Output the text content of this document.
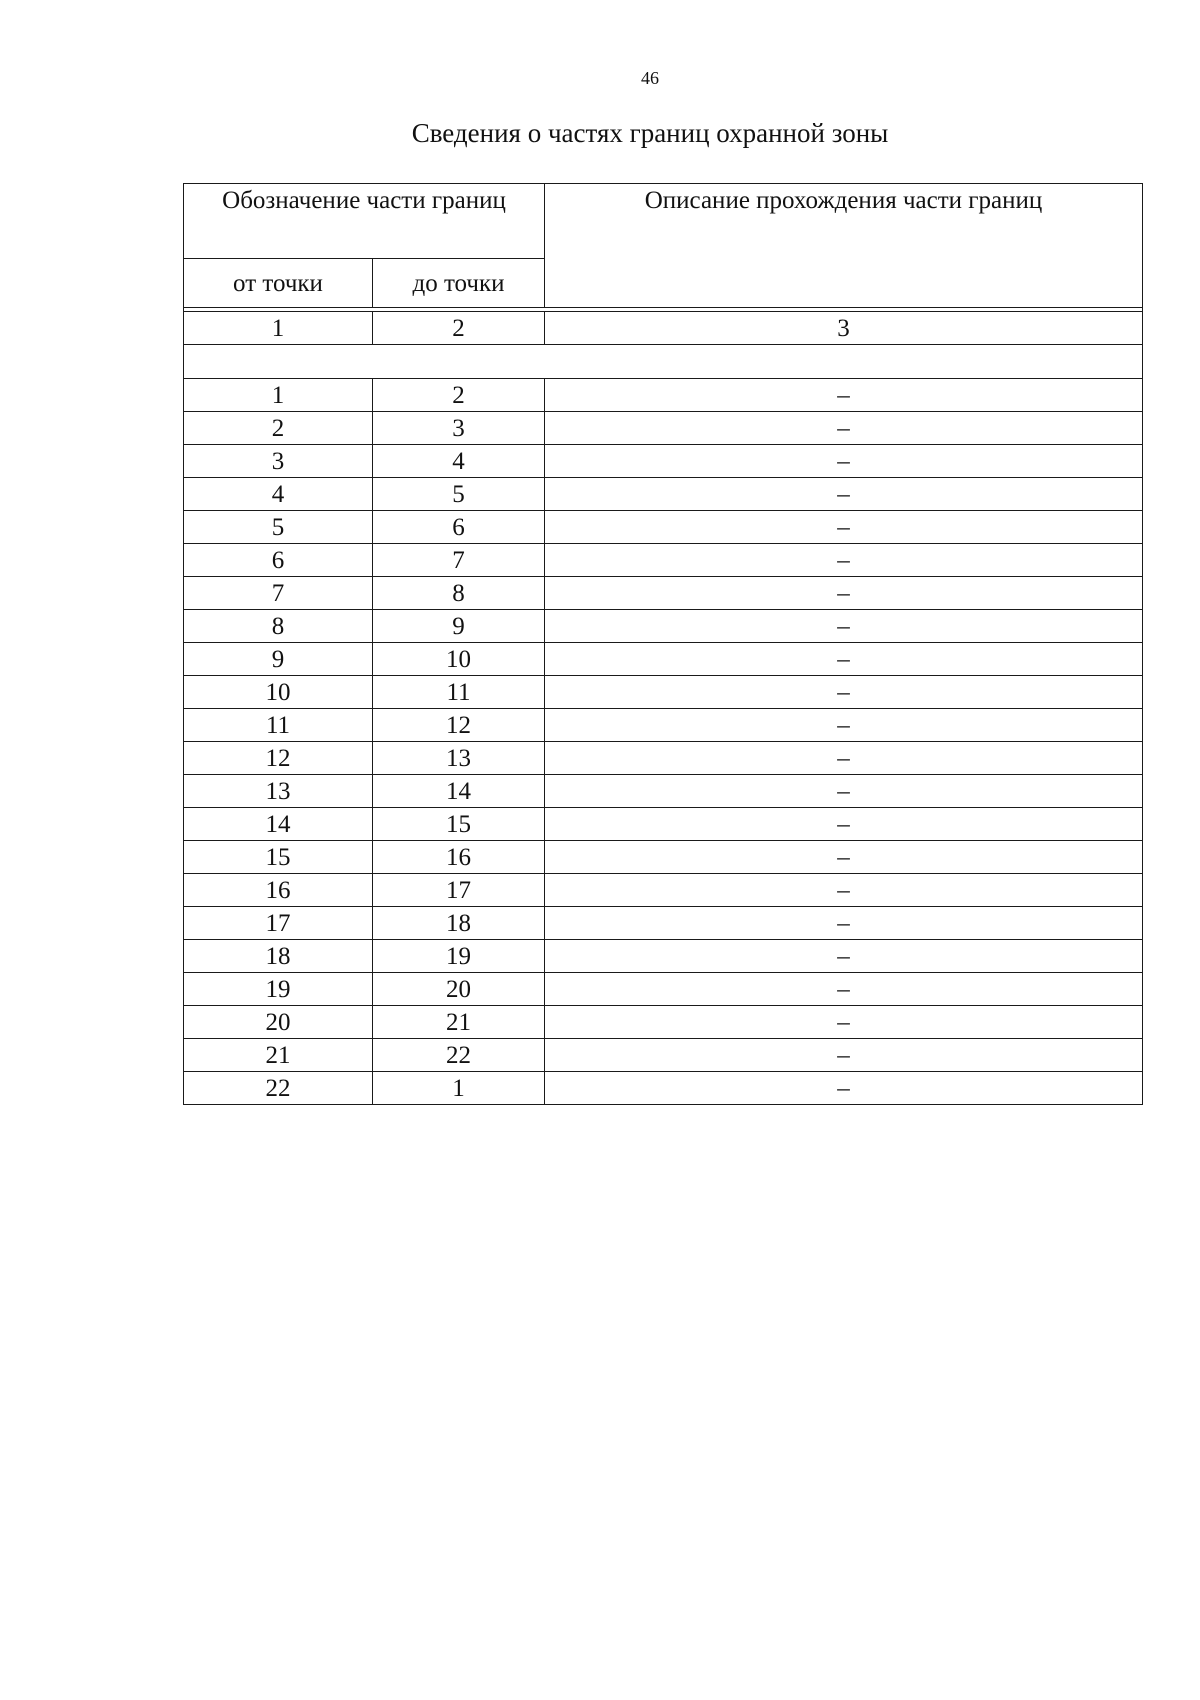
46
Сведения о частях границ охранной зоны
Обозначение части границ		Описание прохождения части границ
от точки	до точки	

1	2	3

1	2	–
2	3	–
3	4	–
4	5	–
5	6	–
6	7	–
7	8	–
8	9	–
9	10	–
10	11	–
11	12	–
12	13	–
13	14	–
14	15	–
15	16	–
16	17	–
17	18	–
18	19	–
19	20	–
20	21	–
21	22	–
22	1	–
